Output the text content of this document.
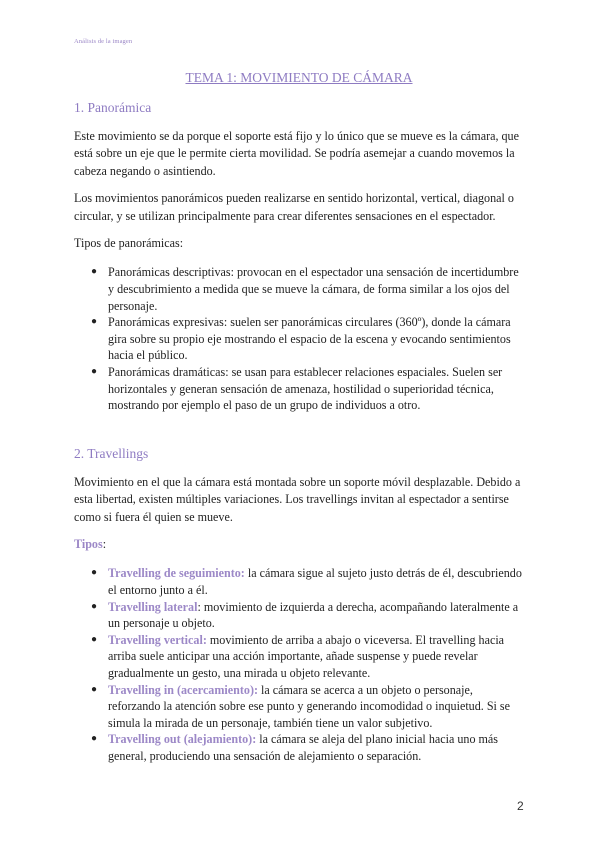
Análisis de la imagen
TEMA 1: MOVIMIENTO DE CÁMARA
1. Panorámica

Este movimiento se da porque el soporte está fijo y lo único que se mueve es la cámara, que está sobre un eje que le permite cierta movilidad. Se podría asemejar a cuando movemos la cabeza negando o asintiendo.

Los movimientos panorámicos pueden realizarse en sentido horizontal, vertical, diagonal o circular, y se utilizan principalmente para crear diferentes sensaciones en el espectador.

Tipos de panorámicas:

● Panorámicas descriptivas: provocan en el espectador una sensación de incertidumbre y descubrimiento a medida que se mueve la cámara, de forma similar a los ojos del personaje.
● Panorámicas expresivas: suelen ser panorámicas circulares (360º), donde la cámara gira sobre su propio eje mostrando el espacio de la escena y evocando sentimientos hacia el público.
● Panorámicas dramáticas: se usan para establecer relaciones espaciales. Suelen ser horizontales y generan sensación de amenaza, hostilidad o superioridad técnica, mostrando por ejemplo el paso de un grupo de individuos a otro.
2. Travellings

Movimiento en el que la cámara está montada sobre un soporte móvil desplazable. Debido a esta libertad, existen múltiples variaciones. Los travellings invitan al espectador a sentirse como si fuera él quien se mueve.

Tipos:

● Travelling de seguimiento: la cámara sigue al sujeto justo detrás de él, descubriendo el entorno junto a él.
● Travelling lateral: movimiento de izquierda a derecha, acompañando lateralmente a un personaje u objeto.
● Travelling vertical: movimiento de arriba a abajo o viceversa. El travelling hacia arriba suele anticipar una acción importante, añade suspense y puede revelar gradualmente un gesto, una mirada u objeto relevante.
● Travelling in (acercamiento): la cámara se acerca a un objeto o personaje, reforzando la atención sobre ese punto y generando incomodidad o inquietud. Si se simula la mirada de un personaje, también tiene un valor subjetivo.
● Travelling out (alejamiento): la cámara se aleja del plano inicial hacia uno más general, produciendo una sensación de alejamiento o separación.
2
